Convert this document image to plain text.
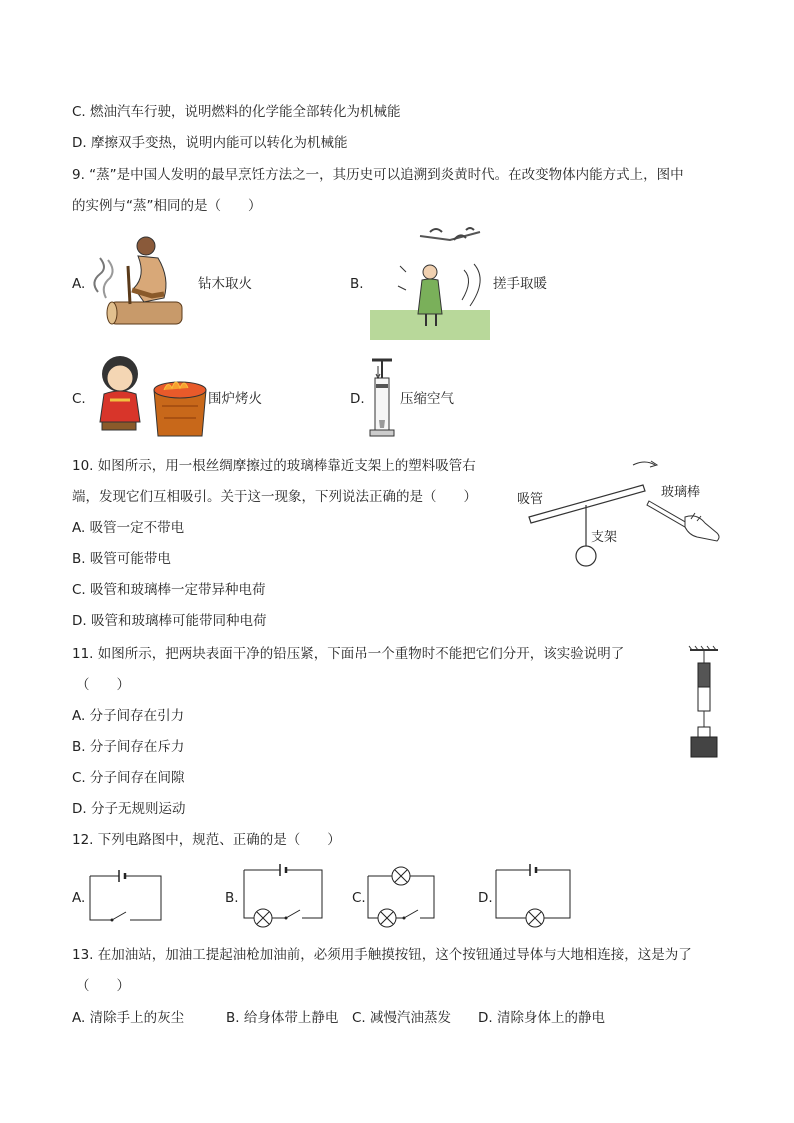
C. 燃油汽车行驶，说明燃料的化学能全部转化为机械能
D. 摩擦双手变热，说明内能可以转化为机械能
9. “蒸”是中国人发明的最早烹饪方法之一，其历史可以追溯到炎黄时代。在改变物体内能方式上，图中
的实例与“蒸”相同的是（　　）
A.	钻木取火	B.	搓手取暖
C.	围炉烤火	D.	压缩空气
10. 如图所示，用一根丝绸摩擦过的玻璃棒靠近支架上的塑料吸管右
端，发现它们互相吸引。关于这一现象，下列说法正确的是（　　）
A. 吸管一定不带电
B. 吸管可能带电
C. 吸管和玻璃棒一定带异种电荷
D. 吸管和玻璃棒可能带同种电荷
吸管	玻璃棒
支架
11. 如图所示，把两块表面干净的铅压紧，下面吊一个重物时不能把它们分开，该实验说明了
（　　）
A. 分子间存在引力
B. 分子间存在斥力
C. 分子间存在间隙
D. 分子无规则运动
12. 下列电路图中，规范、正确的是（　　）
A.	B.	C.	D.
13. 在加油站，加油工提起油枪加油前，必须用手触摸按钮，这个按钮通过导体与大地相连接，这是为了
（　　）
A. 清除手上的灰尘	B. 给身体带上静电 C. 减慢汽油蒸发 D. 清除身体上的静电
